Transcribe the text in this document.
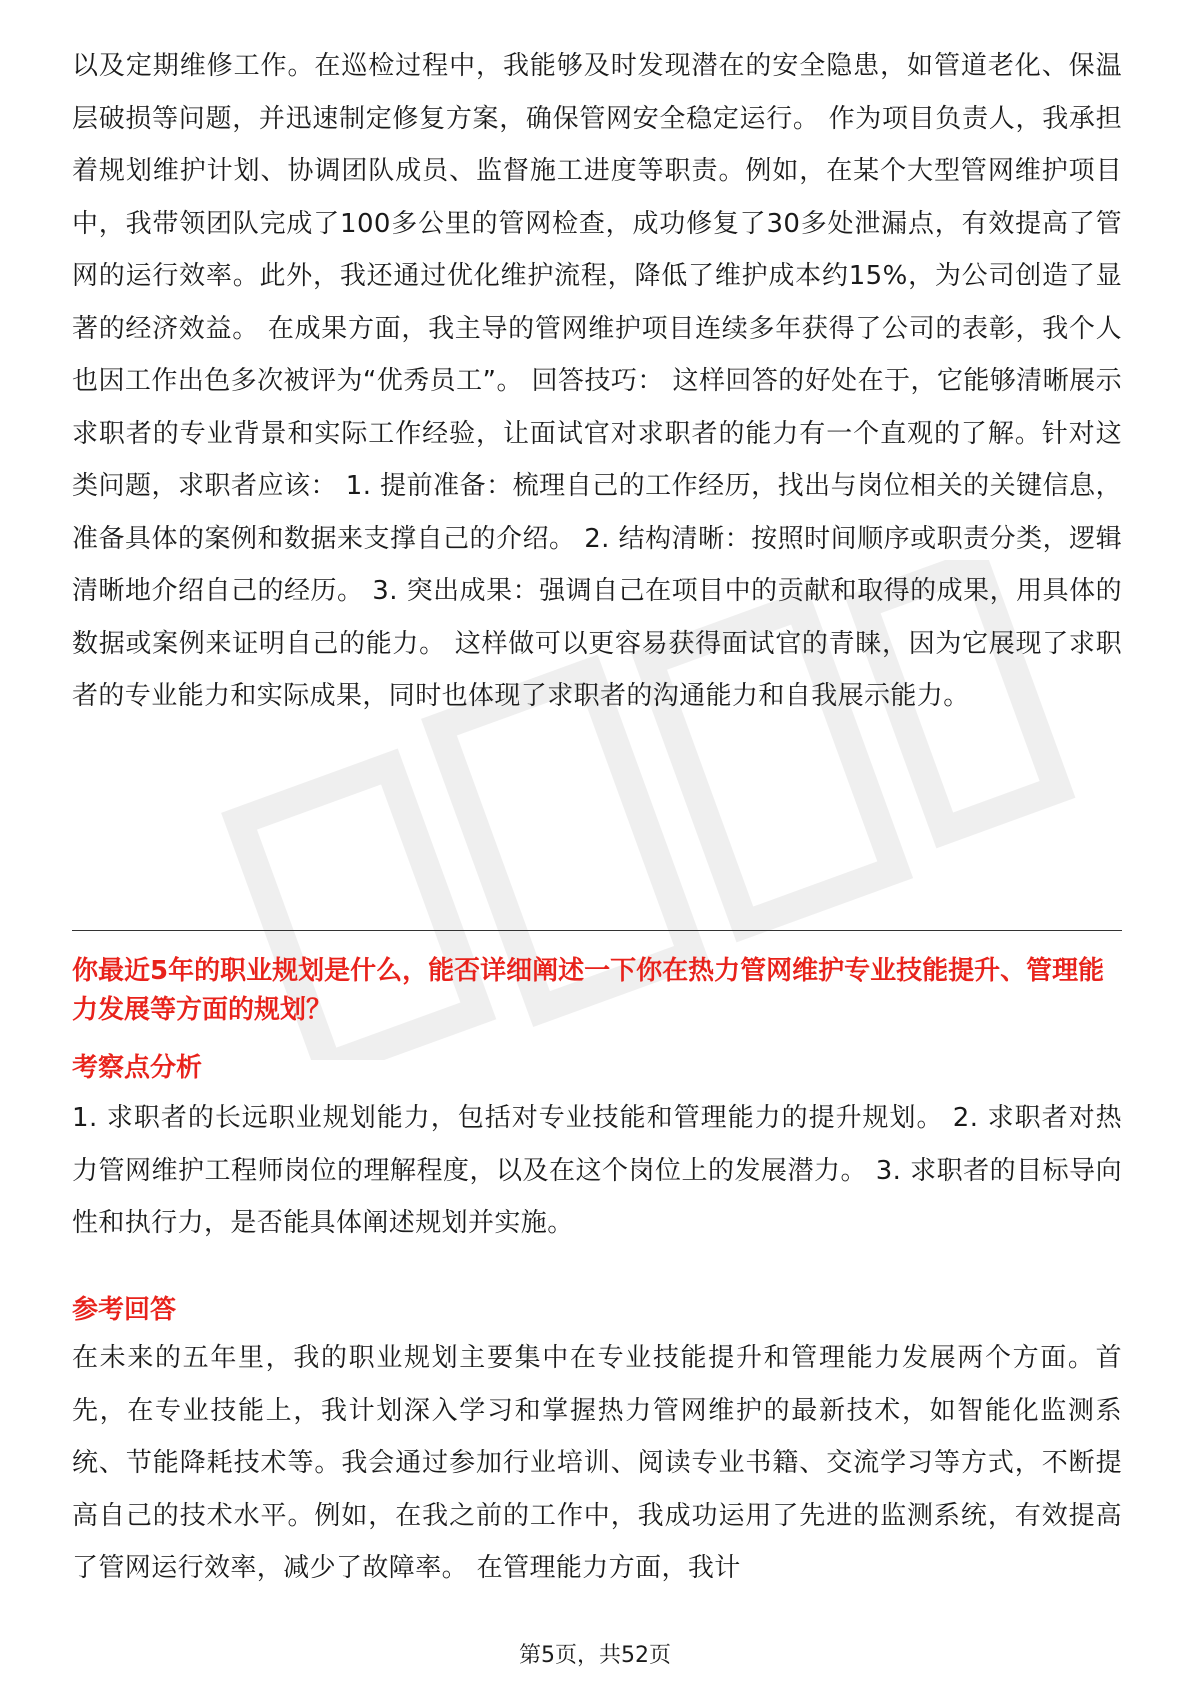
以及定期维修工作。在巡检过程中，我能够及时发现潜在的安全隐患，如管道老化、保温层破损等问题，并迅速制定修复方案，确保管网安全稳定运行。 作为项目负责人，我承担着规划维护计划、协调团队成员、监督施工进度等职责。例如，在某个大型管网维护项目中，我带领团队完成了100多公里的管网检查，成功修复了30多处泄漏点，有效提高了管网的运行效率。此外，我还通过优化维护流程，降低了维护成本约15%，为公司创造了显著的经济效益。 在成果方面，我主导的管网维护项目连续多年获得了公司的表彰，我个人也因工作出色多次被评为“优秀员工”。 回答技巧： 这样回答的好处在于，它能够清晰展示求职者的专业背景和实际工作经验，让面试官对求职者的能力有一个直观的了解。针对这类问题，求职者应该： 1. 提前准备：梳理自己的工作经历，找出与岗位相关的关键信息，准备具体的案例和数据来支撑自己的介绍。 2. 结构清晰：按照时间顺序或职责分类，逻辑清晰地介绍自己的经历。 3. 突出成果：强调自己在项目中的贡献和取得的成果，用具体的数据或案例来证明自己的能力。 这样做可以更容易获得面试官的青睐，因为它展现了求职者的专业能力和实际成果，同时也体现了求职者的沟通能力和自我展示能力。

你最近5年的职业规划是什么，能否详细阐述一下你在热力管网维护专业技能提升、管理能力发展等方面的规划？

考察点分析

1. 求职者的长远职业规划能力，包括对专业技能和管理能力的提升规划。 2. 求职者对热力管网维护工程师岗位的理解程度，以及在这个岗位上的发展潜力。 3. 求职者的目标导向性和执行力，是否能具体阐述规划并实施。

参考回答

在未来的五年里，我的职业规划主要集中在专业技能提升和管理能力发展两个方面。首先，在专业技能上，我计划深入学习和掌握热力管网维护的最新技术，如智能化监测系统、节能降耗技术等。我会通过参加行业培训、阅读专业书籍、交流学习等方式，不断提高自己的技术水平。例如，在我之前的工作中，我成功运用了先进的监测系统，有效提高了管网运行效率，减少了故障率。 在管理能力方面，我计

第5页，共52页
